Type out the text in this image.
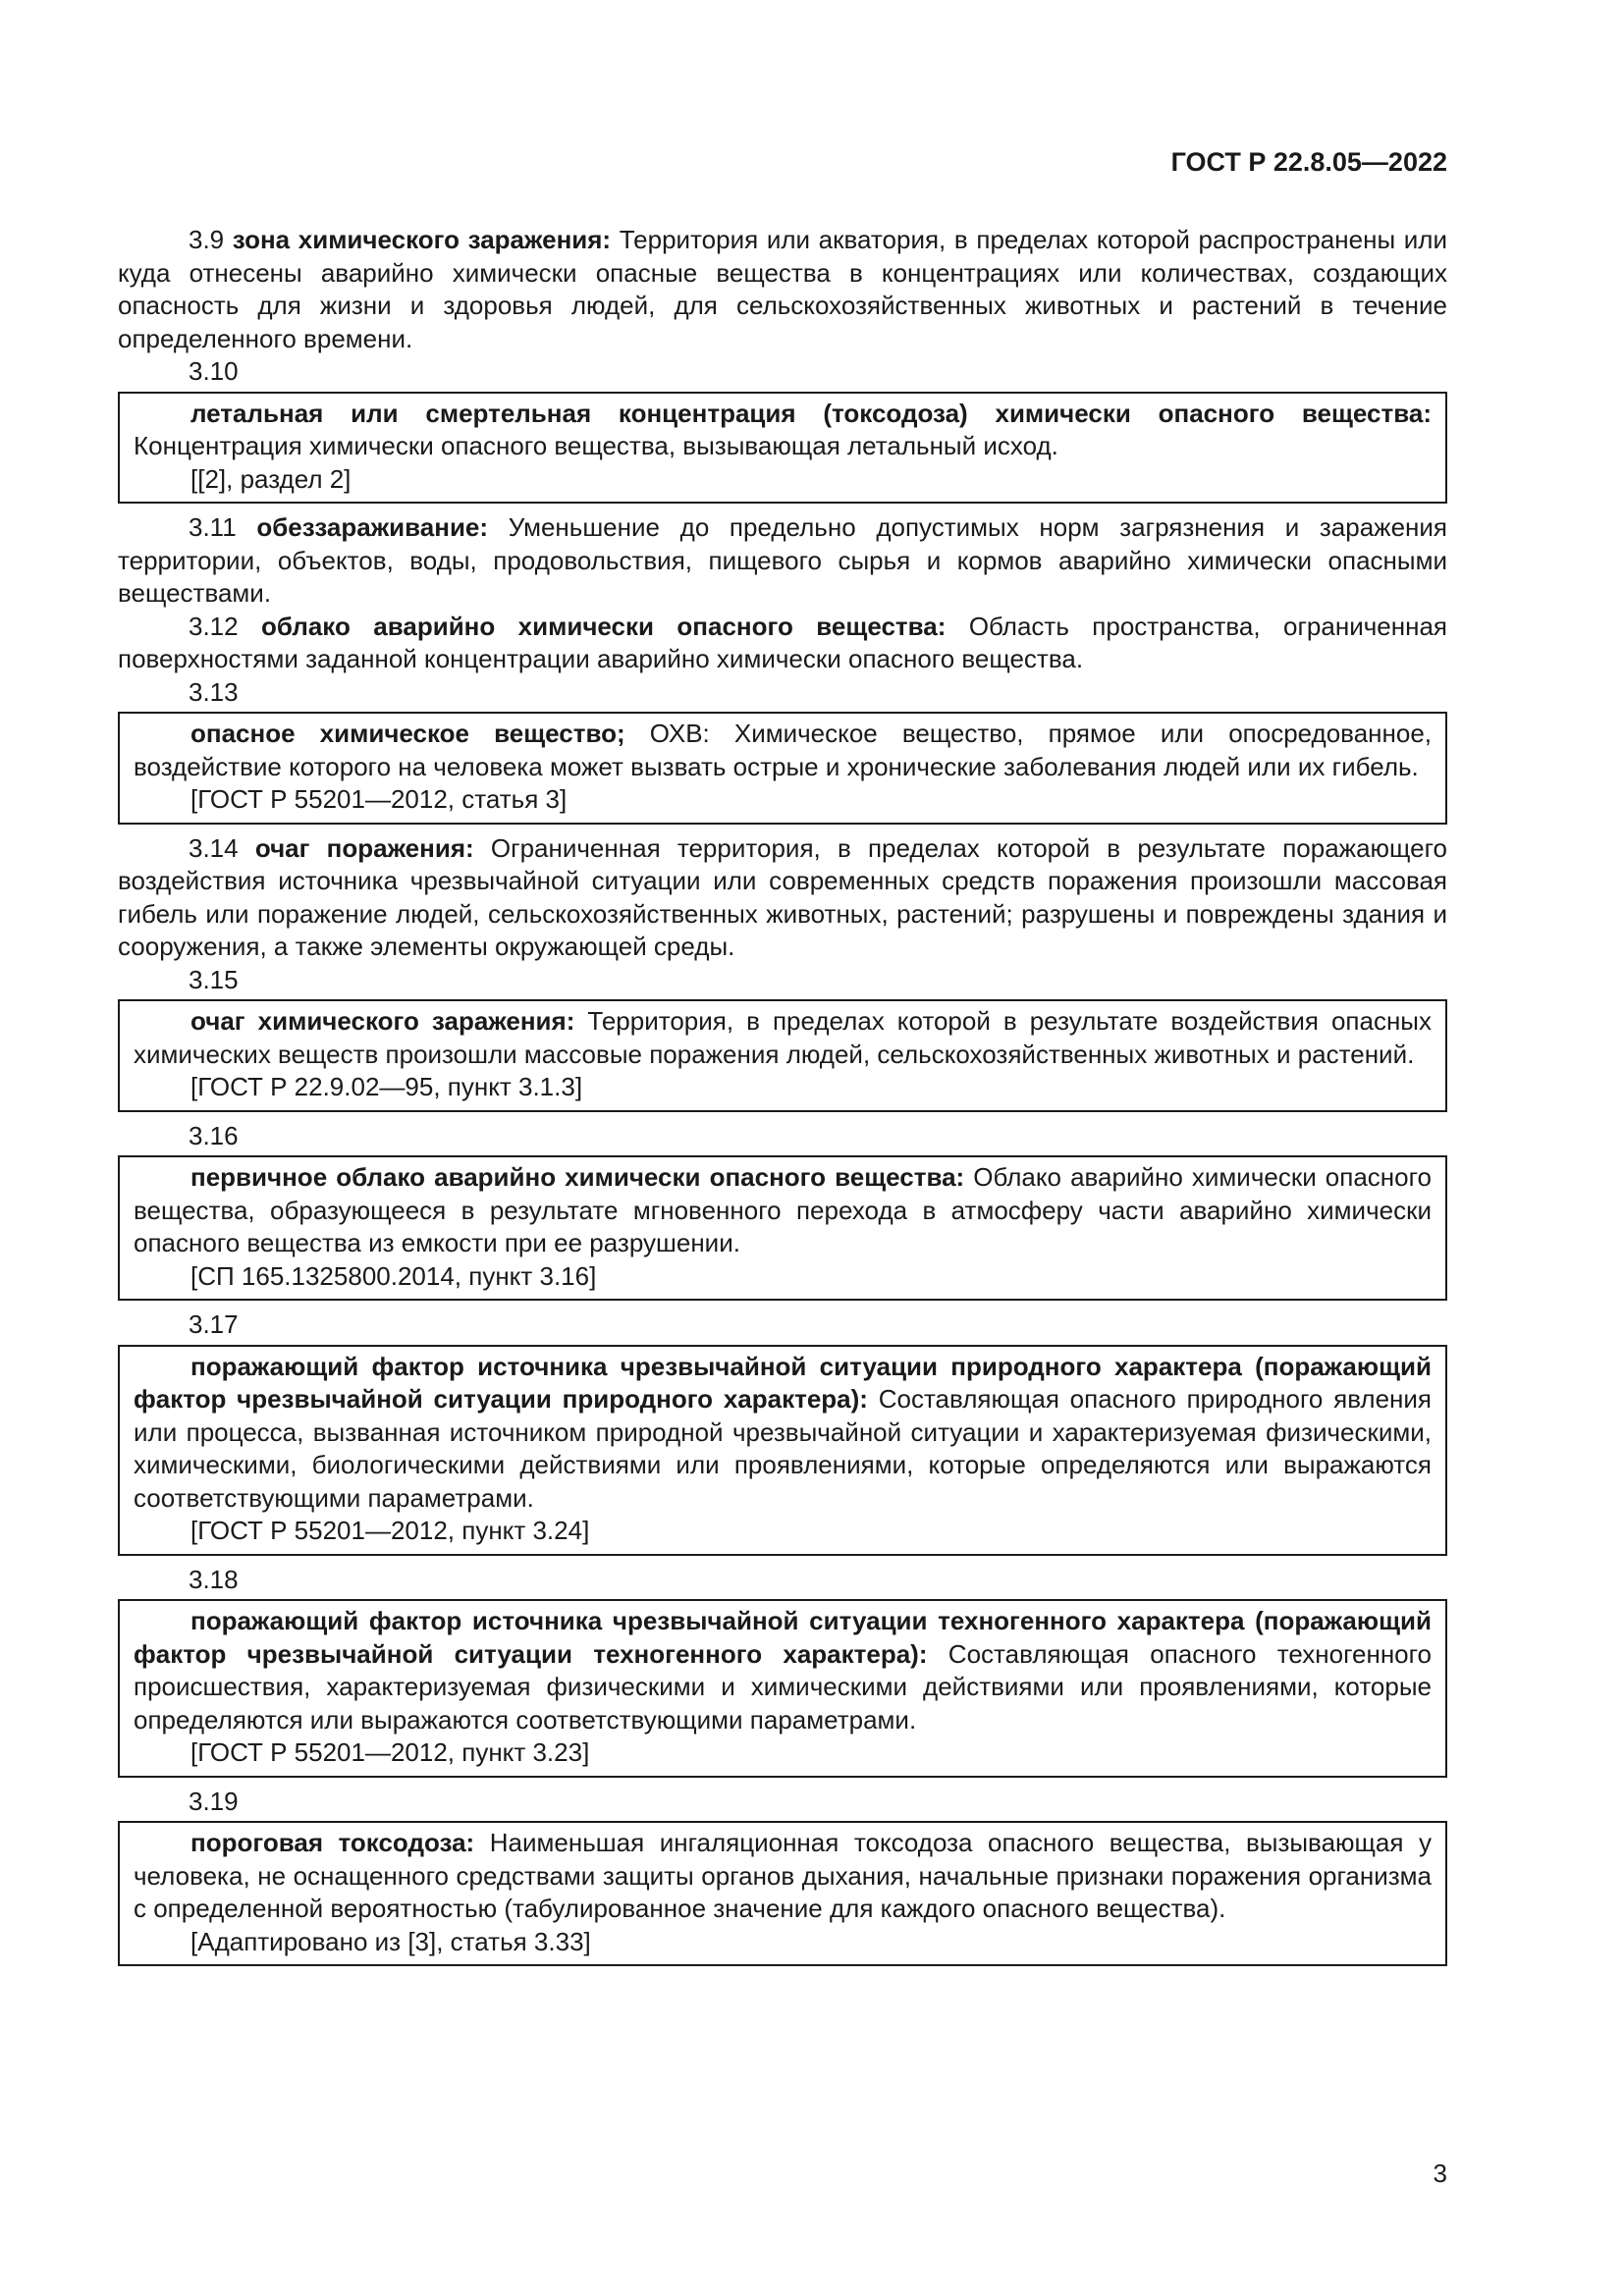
ГОСТ Р 22.8.05—2022

3.9 зона химического заражения: Территория или акватория, в пределах которой распространены или куда отнесены аварийно химически опасные вещества в концентрациях или количествах, создающих опасность для жизни и здоровья людей, для сельскохозяйственных животных и растений в течение определенного времени.

3.10

летальная или смертельная концентрация (токсодоза) химически опасного вещества: Концентрация химически опасного вещества, вызывающая летальный исход.

[[2], раздел 2]

3.11 обеззараживание: Уменьшение до предельно допустимых норм загрязнения и заражения территории, объектов, воды, продовольствия, пищевого сырья и кормов аварийно химически опасными веществами.

3.12 облако аварийно химически опасного вещества: Область пространства, ограниченная поверхностями заданной концентрации аварийно химически опасного вещества.

3.13

опасное химическое вещество; ОХВ: Химическое вещество, прямое или опосредованное, воздействие которого на человека может вызвать острые и хронические заболевания людей или их гибель.

[ГОСТ Р 55201—2012, статья 3]

3.14 очаг поражения: Ограниченная территория, в пределах которой в результате поражающего воздействия источника чрезвычайной ситуации или современных средств поражения произошли массовая гибель или поражение людей, сельскохозяйственных животных, растений; разрушены и повреждены здания и сооружения, а также элементы окружающей среды.

3.15

очаг химического заражения: Территория, в пределах которой в результате воздействия опасных химических веществ произошли массовые поражения людей, сельскохозяйственных животных и растений.

[ГОСТ Р 22.9.02—95, пункт 3.1.3]
3.16

первичное облако аварийно химически опасного вещества: Облако аварийно химически опасного вещества, образующееся в результате мгновенного перехода в атмосферу части аварийно химически опасного вещества из емкости при ее разрушении.

[СП 165.1325800.2014, пункт 3.16]
3.17

поражающий фактор источника чрезвычайной ситуации природного характера (поражающий фактор чрезвычайной ситуации природного характера): Составляющая опасного природного явления или процесса, вызванная источником природной чрезвычайной ситуации и характеризуемая физическими, химическими, биологическими действиями или проявлениями, которые определяются или выражаются соответствующими параметрами.

[ГОСТ Р 55201—2012, пункт 3.24]
3.18

поражающий фактор источника чрезвычайной ситуации техногенного характера (поражающий фактор чрезвычайной ситуации техногенного характера): Составляющая опасного техногенного происшествия, характеризуемая физическими и химическими действиями или проявлениями, которые определяются или выражаются соответствующими параметрами.

[ГОСТ Р 55201—2012, пункт 3.23]
3.19

пороговая токсодоза: Наименьшая ингаляционная токсодоза опасного вещества, вызывающая у человека, не оснащенного средствами защиты органов дыхания, начальные признаки поражения организма с определенной вероятностью (табулированное значение для каждого опасного вещества).

[Адаптировано из [3], статья 3.33]
3
